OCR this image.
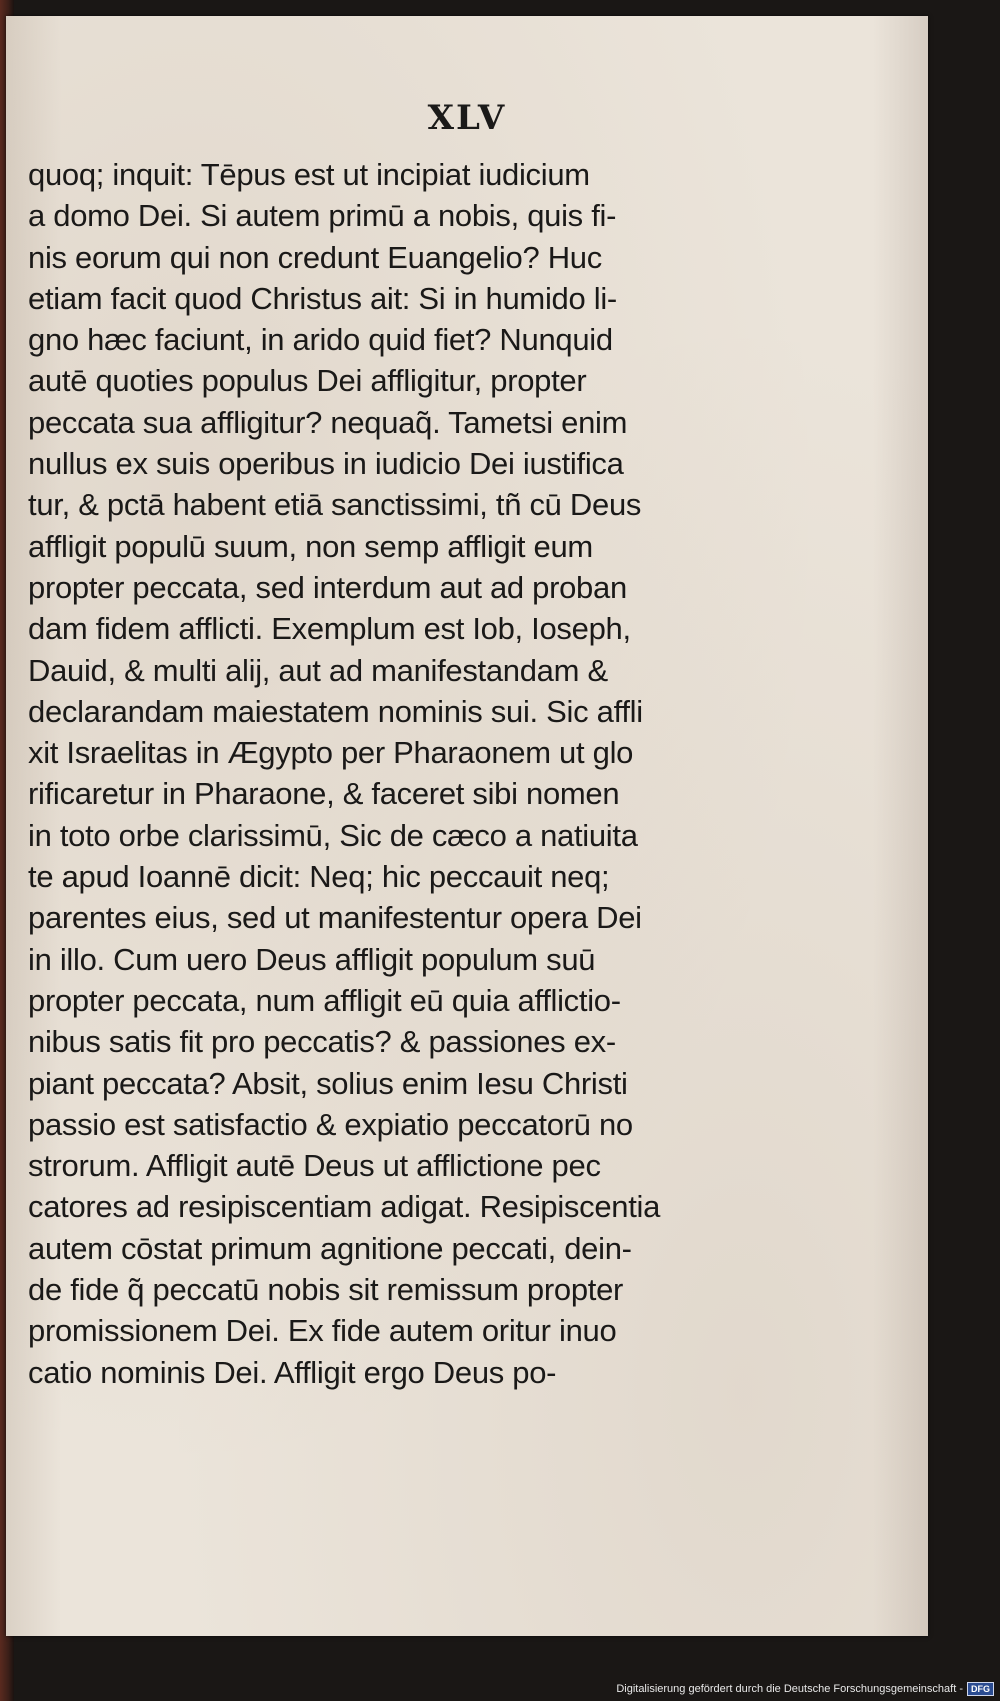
XLV
quoq; inquit: Tēpus est ut incipiat iudicium
a domo Dei. Si autem primū a nobis, quis fi-
nis eorum qui non credunt Euangelio? Huc
etiam facit quod Christus ait: Si in humido li-
gno hæc faciunt, in arido quid fiet? Nunquid
autē quoties populus Dei affligitur, propter
peccata sua affligitur? nequaq̃. Tametsi enim
nullus ex suis operibus in iudicio Dei iustifica
tur, & pctā habent etiā sanctissimi, tñ cū Deus
affligit populū suum, non semp affligit eum
propter peccata, sed interdum aut ad proban
dam fidem afflicti. Exemplum est Iob, Ioseph,
Dauid, & multi alij, aut ad manifestandam &
declarandam maiestatem nominis sui. Sic affli
xit Israelitas in Ægypto per Pharaonem ut glo
rificaretur in Pharaone, & faceret sibi nomen
in toto orbe clarissimū, Sic de cæco a natiuita
te apud Ioannē dicit: Neq; hic peccauit neq;
parentes eius, sed ut manifestentur opera Dei
in illo. Cum uero Deus affligit populum suū
propter peccata, num affligit eū quia afflictio-
nibus satis fit pro peccatis? & passiones ex-
piant peccata? Absit, solius enim Iesu Christi
passio est satisfactio & expiatio peccatorū no
strorum. Affligit autē Deus ut afflictione pec
catores ad resipiscentiam adigat. Resipiscentia
autem cōstat primum agnitione peccati, dein-
de fide q̃ peccatū nobis sit remissum propter
promissionem Dei. Ex fide autem oritur inuo
catio nominis Dei. Affligit ergo Deus po-
Digitalisierung gefördert durch die Deutsche Forschungsgemeinschaft - DFG
